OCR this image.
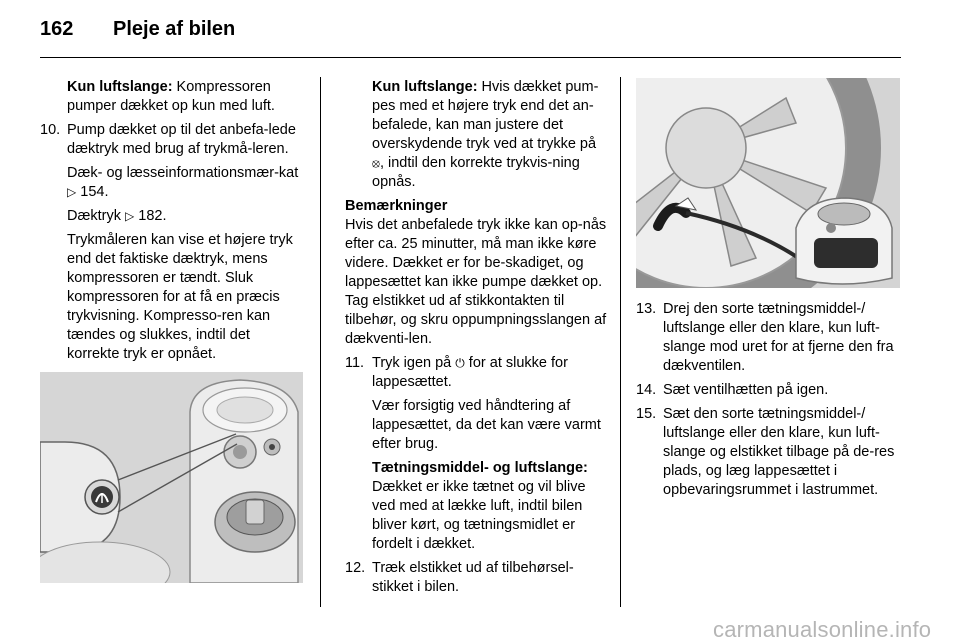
162 Pleje af bilen

Kun luftslange: Kompressoren pumper dækket op kun med luft.

10. Pump dækket op til det anbefa-lede dæktryk med brug af trykmå-leren.

Dæk- og læsseinformationsmær-kat ▷ 154.

Dæktryk ▷ 182.

Trykmåleren kan vise et højere tryk end det faktiske dæktryk, mens kompressoren er tændt. Sluk kompressoren for at få en præcis trykvisning. Kompresso-ren kan tændes og slukkes, indtil det korrekte tryk er opnået.

Kun luftslange: Hvis dækket pum-pes med et højere tryk end det an-befalede, kan man justere det overskydende tryk ved at trykke på ⦻, indtil den korrekte trykvis-ning opnås.

Bemærkninger

Hvis det anbefalede tryk ikke kan op-nås efter ca. 25 minutter, må man ikke køre videre. Dækket er for be-skadiget, og lappesættet kan ikke pumpe dækket op. Tag elstikket ud af stikkontakten til tilbehør, og skru oppumpningsslangen af dækventi-len.

11. Tryk igen på ⏻ for at slukke for lappesættet.

Vær forsigtig ved håndtering af lappesættet, da det kan være varmt efter brug.

Tætningsmiddel- og luftslange: Dækket er ikke tætnet og vil blive ved med at lække luft, indtil bilen bliver kørt, og tætningsmidlet er fordelt i dækket.

12. Træk elstikket ud af tilbehørsel-stikket i bilen.

13. Drej den sorte tætningsmiddel-/ luftslange eller den klare, kun luft-slange mod uret for at fjerne den fra dækventilen.

14. Sæt ventilhætten på igen.

15. Sæt den sorte tætningsmiddel-/ luftslange eller den klare, kun luft-slange og elstikket tilbage på de-res plads, og læg lappesættet i opbevaringsrummet i lastrummet.

carmanualsonline.info
